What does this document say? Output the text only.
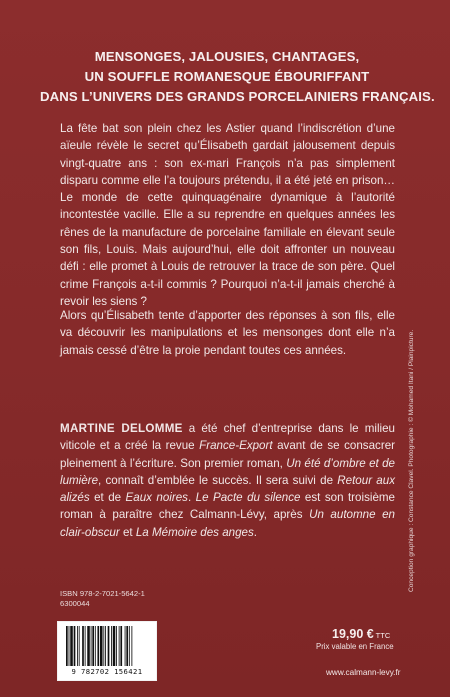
MENSONGES, JALOUSIES, CHANTAGES,
UN SOUFFLE ROMANESQUE ÉBOURIFFANT
DANS L’UNIVERS DES GRANDS PORCELAINIERS FRANÇAIS.
La fête bat son plein chez les Astier quand l’indiscrétion d’une aïeule révèle le secret qu’Élisabeth gardait jalousement depuis vingt-quatre ans : son ex-mari François n’a pas simplement disparu comme elle l’a toujours prétendu, il a été jeté en prison… Le monde de cette quinquagénaire dynamique à l’autorité incontestée vacille. Elle a su reprendre en quelques années les rênes de la manufacture de porcelaine familiale en élevant seule son fils, Louis. Mais aujourd’hui, elle doit affronter un nouveau défi : elle promet à Louis de retrouver la trace de son père. Quel crime François a-t-il commis ? Pourquoi n’a-t-il jamais cherché à revoir les siens ?
Alors qu’Élisabeth tente d’apporter des réponses à son fils, elle va découvrir les manipulations et les mensonges dont elle n’a jamais cessé d’être la proie pendant toutes ces années.
MARTINE DELOMME a été chef d’entreprise dans le milieu viticole et a créé la revue France-Export avant de se consacrer pleinement à l’écriture. Son premier roman, Un été d’ombre et de lumière, connaît d’emblée le succès. Il sera suivi de Retour aux alizés et de Eaux noires. Le Pacte du silence est son troisième roman à paraître chez Calmann-Lévy, après Un automne en clair-obscur et La Mémoire des anges.
ISBN 978-2-7021-5642-1
6300044
9 782702 156421
19,90 € TTC
Prix valable en France
www.calmann-levy.fr
Conception graphique : Constance Clavel. Photographie : © Mohamed Itani / Plainpicture.
